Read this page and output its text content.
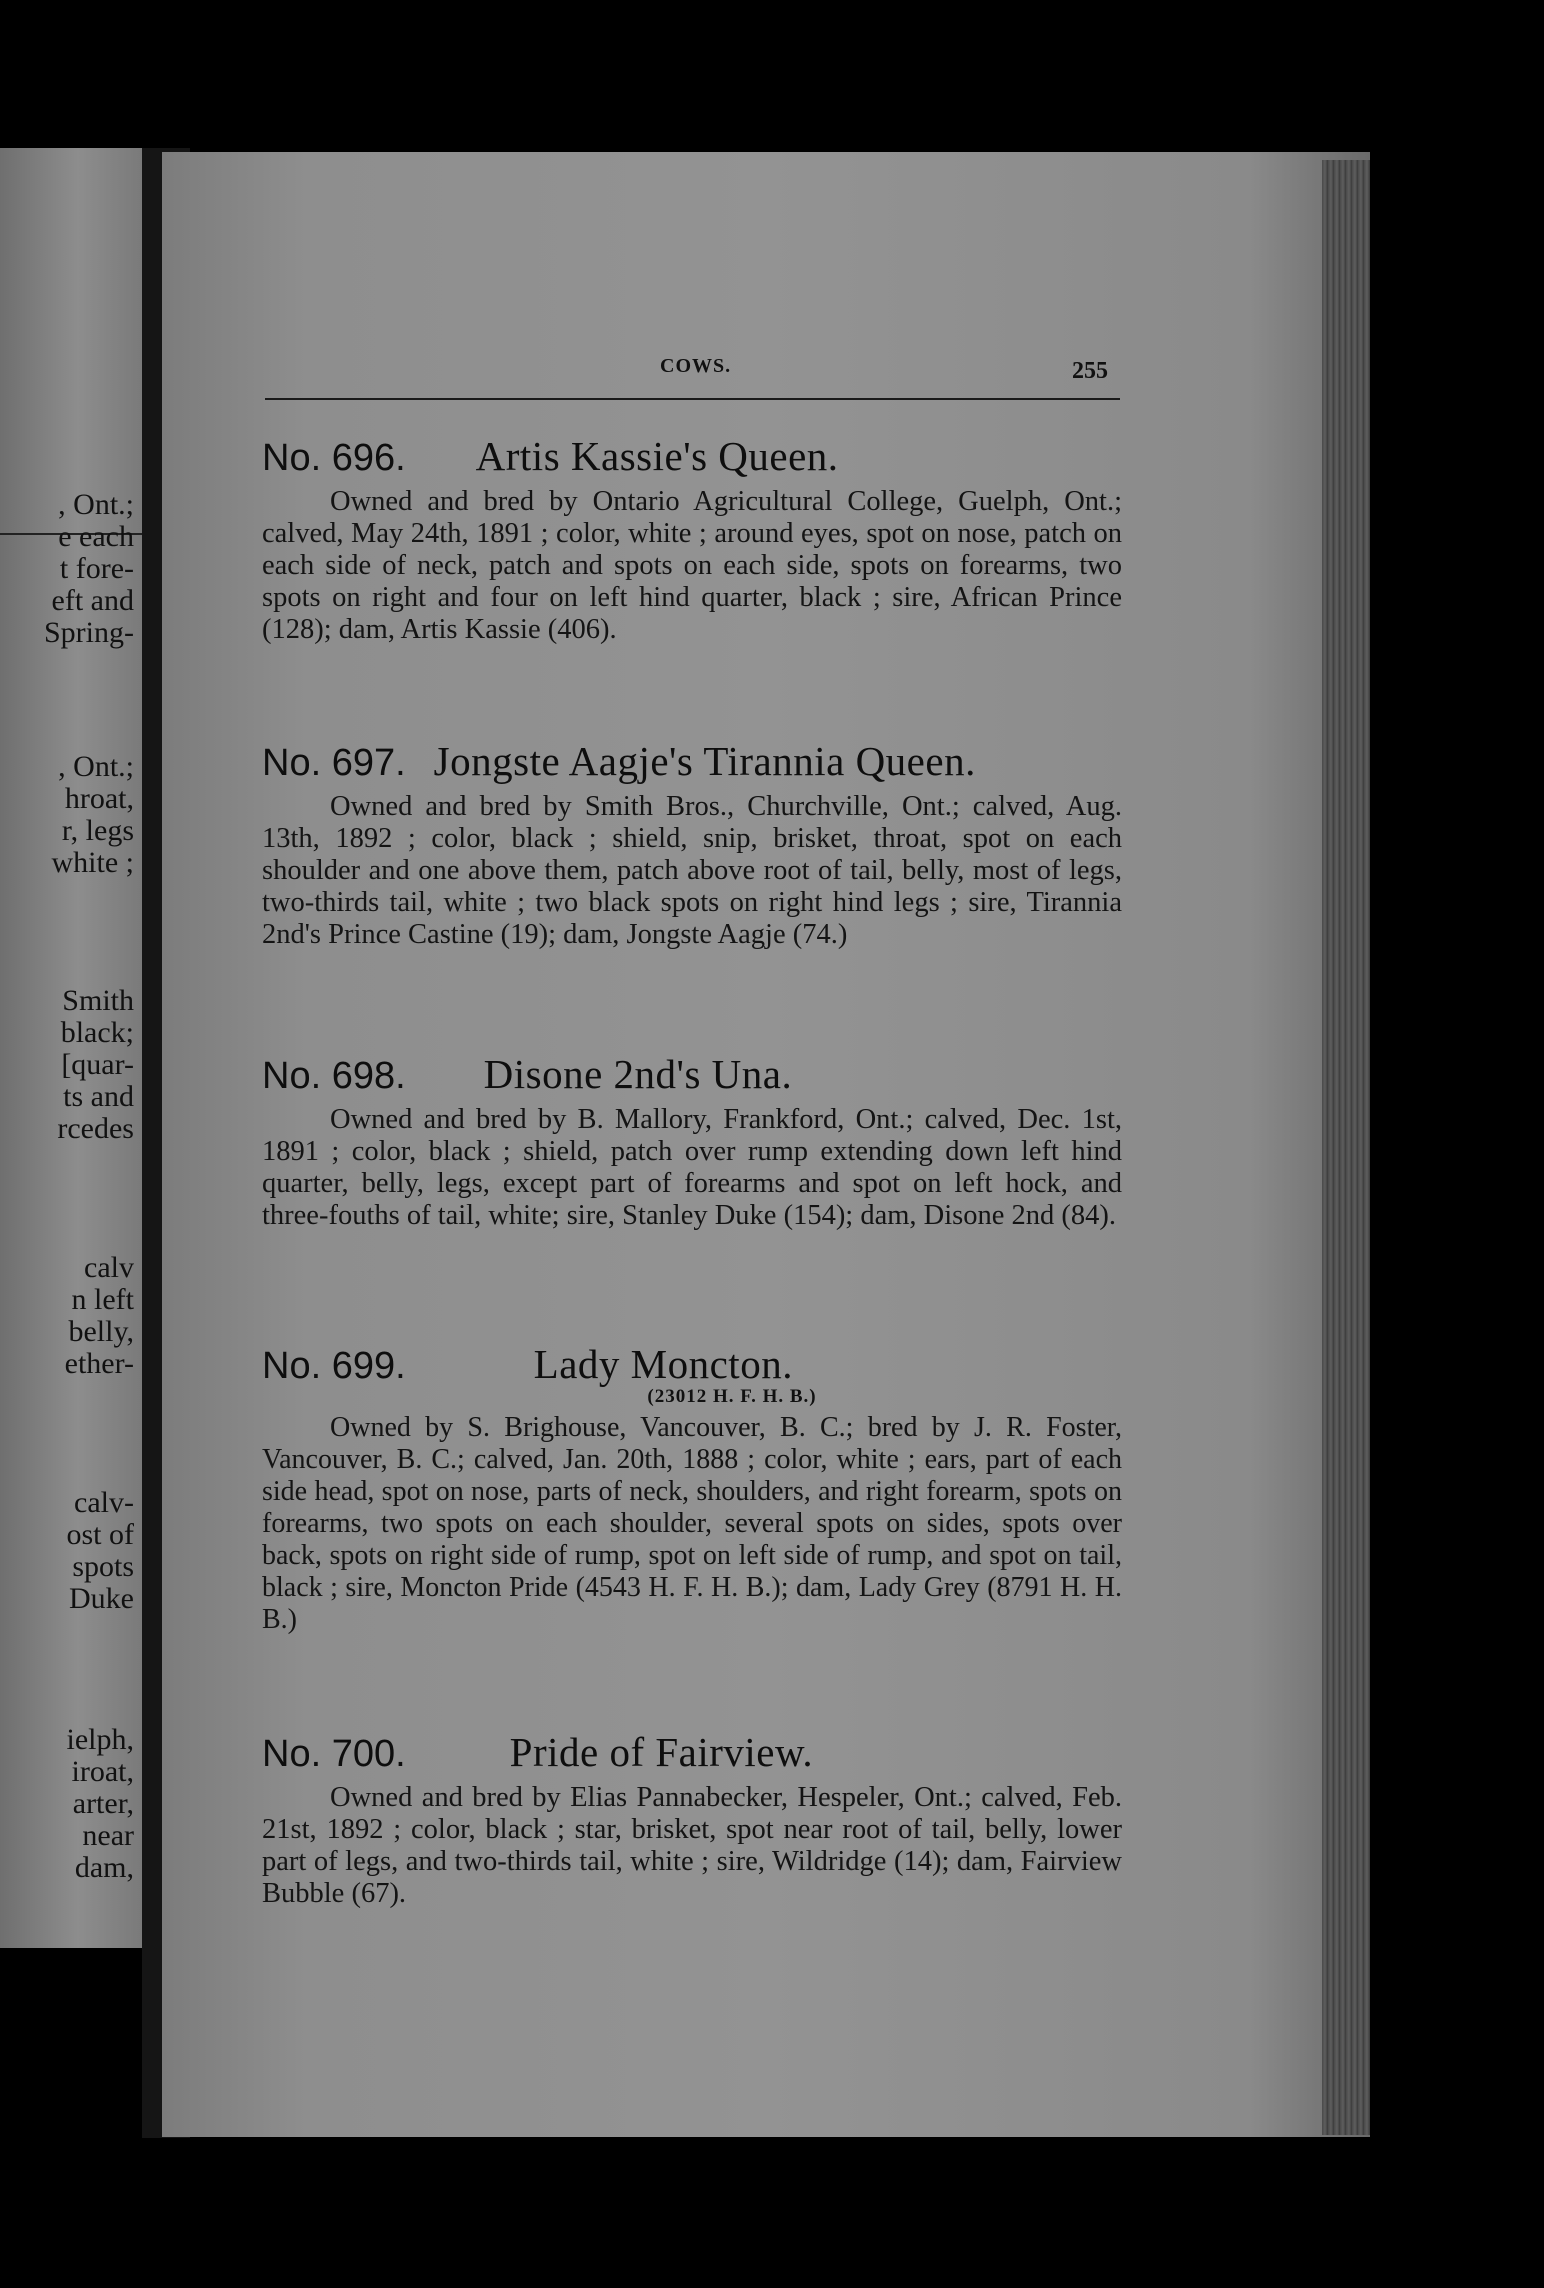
, Ont.;
e each
t fore-
eft and
Spring-
, Ont.;
hroat,
r, legs
white ;
Smith
black;
[quar-
ts and
rcedes
calv
n left
belly,
ether-
calv-
ost of
spots
Duke
ielph,
iroat,
arter,
near
dam,
COWS.	255
No. 696. Artis Kassie's Queen.
Owned and bred by Ontario Agricultural College, Guelph, Ont.; calved, May 24th, 1891 ; color, white ; around eyes, spot on nose, patch on each side of neck, patch and spots on each side, spots on forearms, two spots on right and four on left hind quarter, black ; sire, African Prince (128); dam, Artis Kassie (406).
No. 697. Jongste Aagje's Tirannia Queen.
Owned and bred by Smith Bros., Churchville, Ont.; calved, Aug. 13th, 1892 ; color, black ; shield, snip, brisket, throat, spot on each shoulder and one above them, patch above root of tail, belly, most of legs, two-thirds tail, white ; two black spots on right hind legs ; sire, Tirannia 2nd's Prince Castine (19); dam, Jongste Aagje (74.)
No. 698. Disone 2nd's Una.
Owned and bred by B. Mallory, Frankford, Ont.; calved, Dec. 1st, 1891 ; color, black ; shield, patch over rump extending down left hind quarter, belly, legs, except part of forearms and spot on left hock, and three-fouths of tail, white; sire, Stanley Duke (154); dam, Disone 2nd (84).
No. 699.	Lady Moncton.
(23012 H. F. H. B.)
Owned by S. Brighouse, Vancouver, B. C.; bred by J. R. Foster, Vancouver, B. C.; calved, Jan. 20th, 1888 ; color, white ; ears, part of each side head, spot on nose, parts of neck, shoulders, and right forearm, spots on forearms, two spots on each shoulder, several spots on sides, spots over back, spots on right side of rump, spot on left side of rump, and spot on tail, black ; sire, Moncton Pride (4543 H. F. H. B.); dam, Lady Grey (8791 H. H. B.)
No. 700.	Pride of Fairview.
Owned and bred by Elias Pannabecker, Hespeler, Ont.; calved, Feb. 21st, 1892 ; color, black ; star, brisket, spot near root of tail, belly, lower part of legs, and two-thirds tail, white ; sire, Wildridge (14); dam, Fairview Bubble (67).
